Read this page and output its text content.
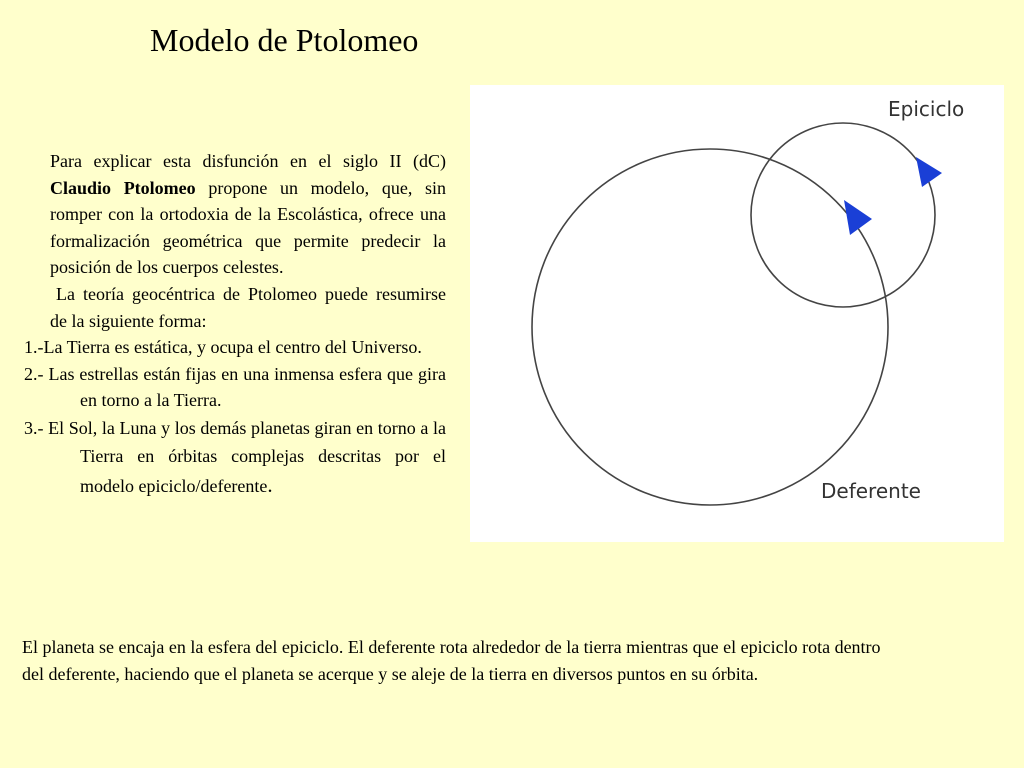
Modelo de Ptolomeo

Para explicar esta disfunción en el siglo II (dC) Claudio Ptolomeo propone un modelo, que, sin romper con la ortodoxia de la Escolástica, ofrece una formalización geométrica que permite predecir la posición de los cuerpos celestes.

La teoría geocéntrica de Ptolomeo puede resumirse de la siguiente forma:

1.-La Tierra es estática, y ocupa el centro del Universo.

2.- Las estrellas están fijas en una inmensa esfera que gira en torno a la Tierra.

3.- El Sol, la Luna y los demás planetas giran en torno a la Tierra en órbitas complejas descritas por el modelo epiciclo/deferente.

Epiciclo
Deferente

El planeta se encaja en la esfera del epiciclo. El deferente rota alrededor de la tierra mientras que el epiciclo rota dentro del deferente, haciendo que el planeta se acerque y se aleje de la tierra en diversos puntos en su órbita.
